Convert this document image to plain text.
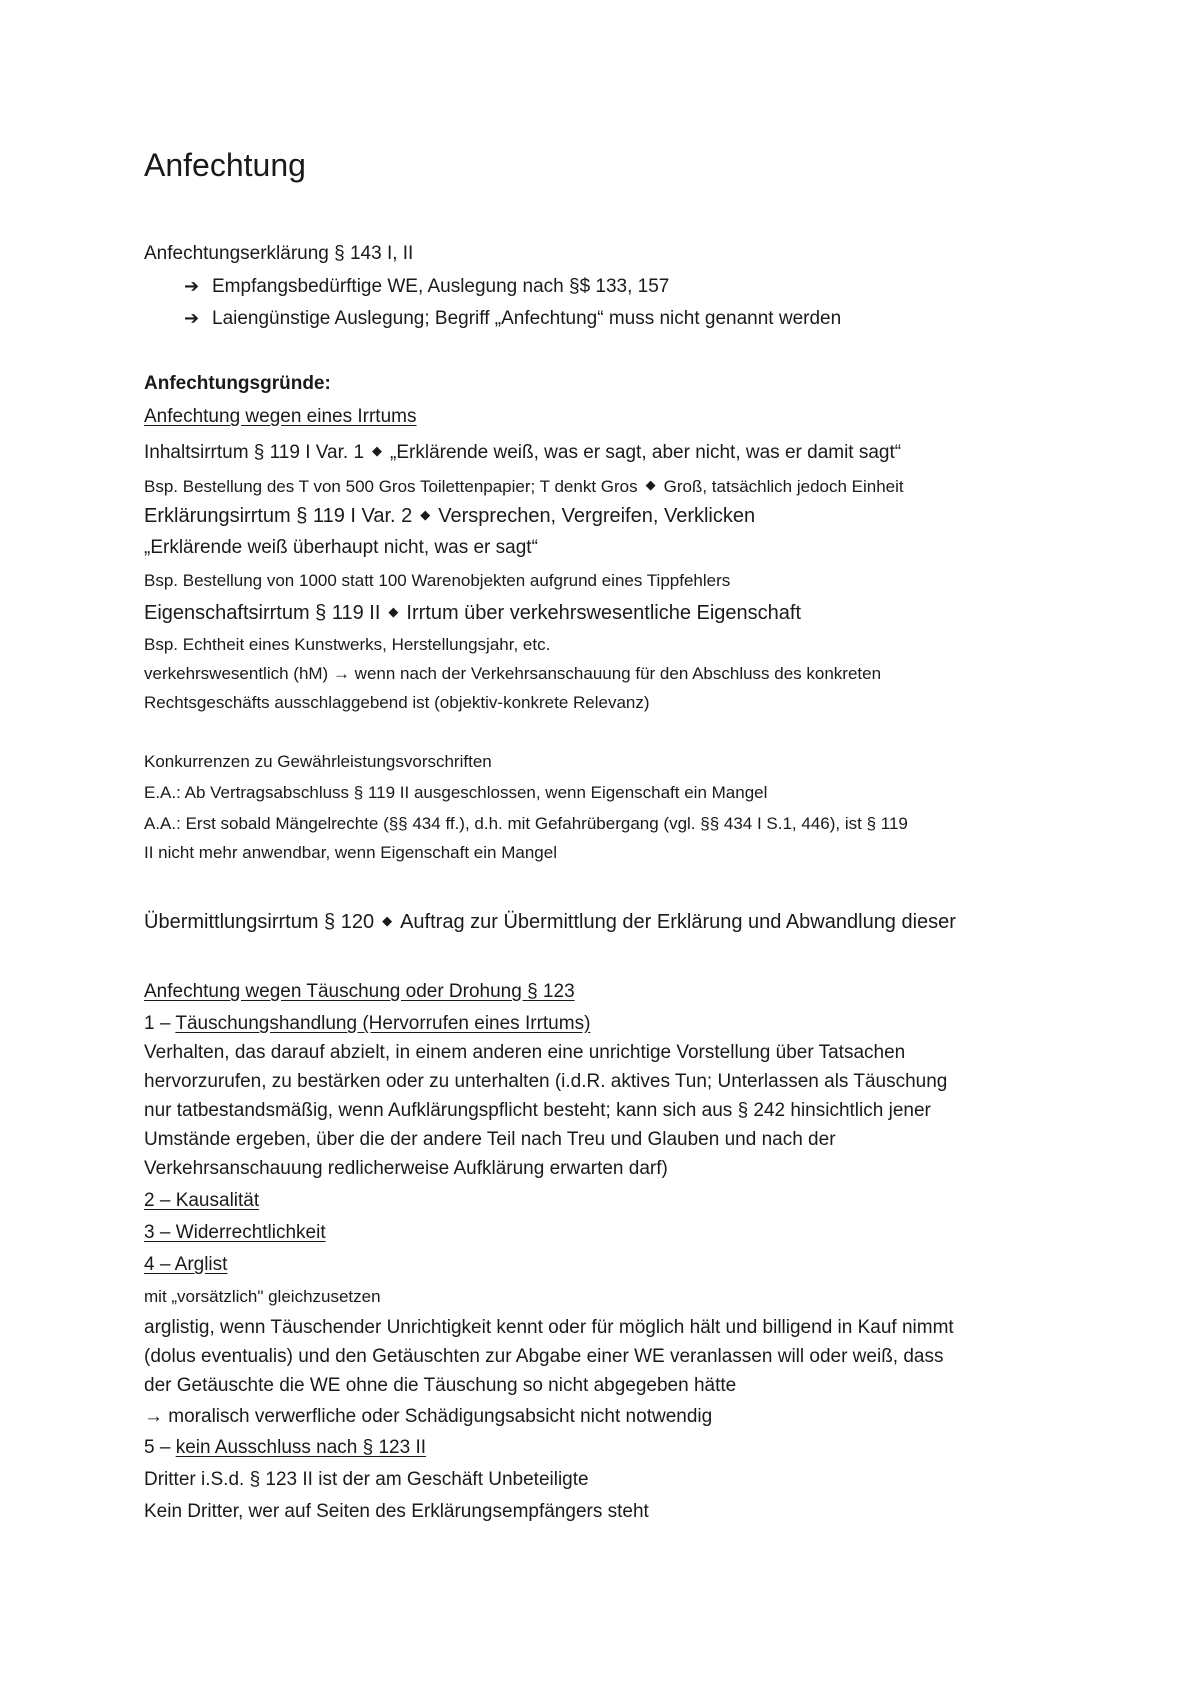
Anfechtung
Anfechtungserklärung § 143 I, II
➔ Empfangsbedürftige WE, Auslegung nach §$ 133, 157
➔ Laiengünstige Auslegung; Begriff „Anfechtung“ muss nicht genannt werden
Anfechtungsgründe:
Anfechtung wegen eines Irrtums
Inhaltsirrtum § 119 I Var. 1 ◆ „Erklärende weiß, was er sagt, aber nicht, was er damit sagt“
Bsp. Bestellung des T von 500 Gros Toilettenpapier; T denkt Gros ◆ Groß, tatsächlich jedoch Einheit
Erklärungsirrtum § 119 I Var. 2 ◆ Versprechen, Vergreifen, Verklicken
„Erklärende weiß überhaupt nicht, was er sagt“
Bsp. Bestellung von 1000 statt 100 Warenobjekten aufgrund eines Tippfehlers
Eigenschaftsirrtum § 119 II ◆ Irrtum über verkehrswesentliche Eigenschaft
Bsp. Echtheit eines Kunstwerks, Herstellungsjahr, etc.
verkehrswesentlich (hM) → wenn nach der Verkehrsanschauung für den Abschluss des konkreten
Rechtsgeschäfts ausschlaggebend ist (objektiv-konkrete Relevanz)
Konkurrenzen zu Gewährleistungsvorschriften
E.A.: Ab Vertragsabschluss § 119 II ausgeschlossen, wenn Eigenschaft ein Mangel
A.A.: Erst sobald Mängelrechte (§§ 434 ff.), d.h. mit Gefahrübergang (vgl. §§ 434 I S.1, 446), ist § 119
II nicht mehr anwendbar, wenn Eigenschaft ein Mangel
Übermittlungsirrtum § 120 ◆ Auftrag zur Übermittlung der Erklärung und Abwandlung dieser
Anfechtung wegen Täuschung oder Drohung § 123
1 – Täuschungshandlung (Hervorrufen eines Irrtums)
Verhalten, das darauf abzielt, in einem anderen eine unrichtige Vorstellung über Tatsachen
hervorzurufen, zu bestärken oder zu unterhalten (i.d.R. aktives Tun; Unterlassen als Täuschung
nur tatbestandsmäßig, wenn Aufklärungspflicht besteht; kann sich aus § 242 hinsichtlich jener
Umstände ergeben, über die der andere Teil nach Treu und Glauben und nach der
Verkehrsanschauung redlicherweise Aufklärung erwarten darf)
2 – Kausalität
3 – Widerrechtlichkeit
4 – Arglist
mit „vorsätzlich" gleichzusetzen
arglistig, wenn Täuschender Unrichtigkeit kennt oder für möglich hält und billigend in Kauf nimmt
(dolus eventualis) und den Getäuschten zur Abgabe einer WE veranlassen will oder weiß, dass
der Getäuschte die WE ohne die Täuschung so nicht abgegeben hätte
→ moralisch verwerfliche oder Schädigungsabsicht nicht notwendig
5 – kein Ausschluss nach § 123 II
Dritter i.S.d. § 123 II ist der am Geschäft Unbeteiligte
Kein Dritter, wer auf Seiten des Erklärungsempfängers steht
